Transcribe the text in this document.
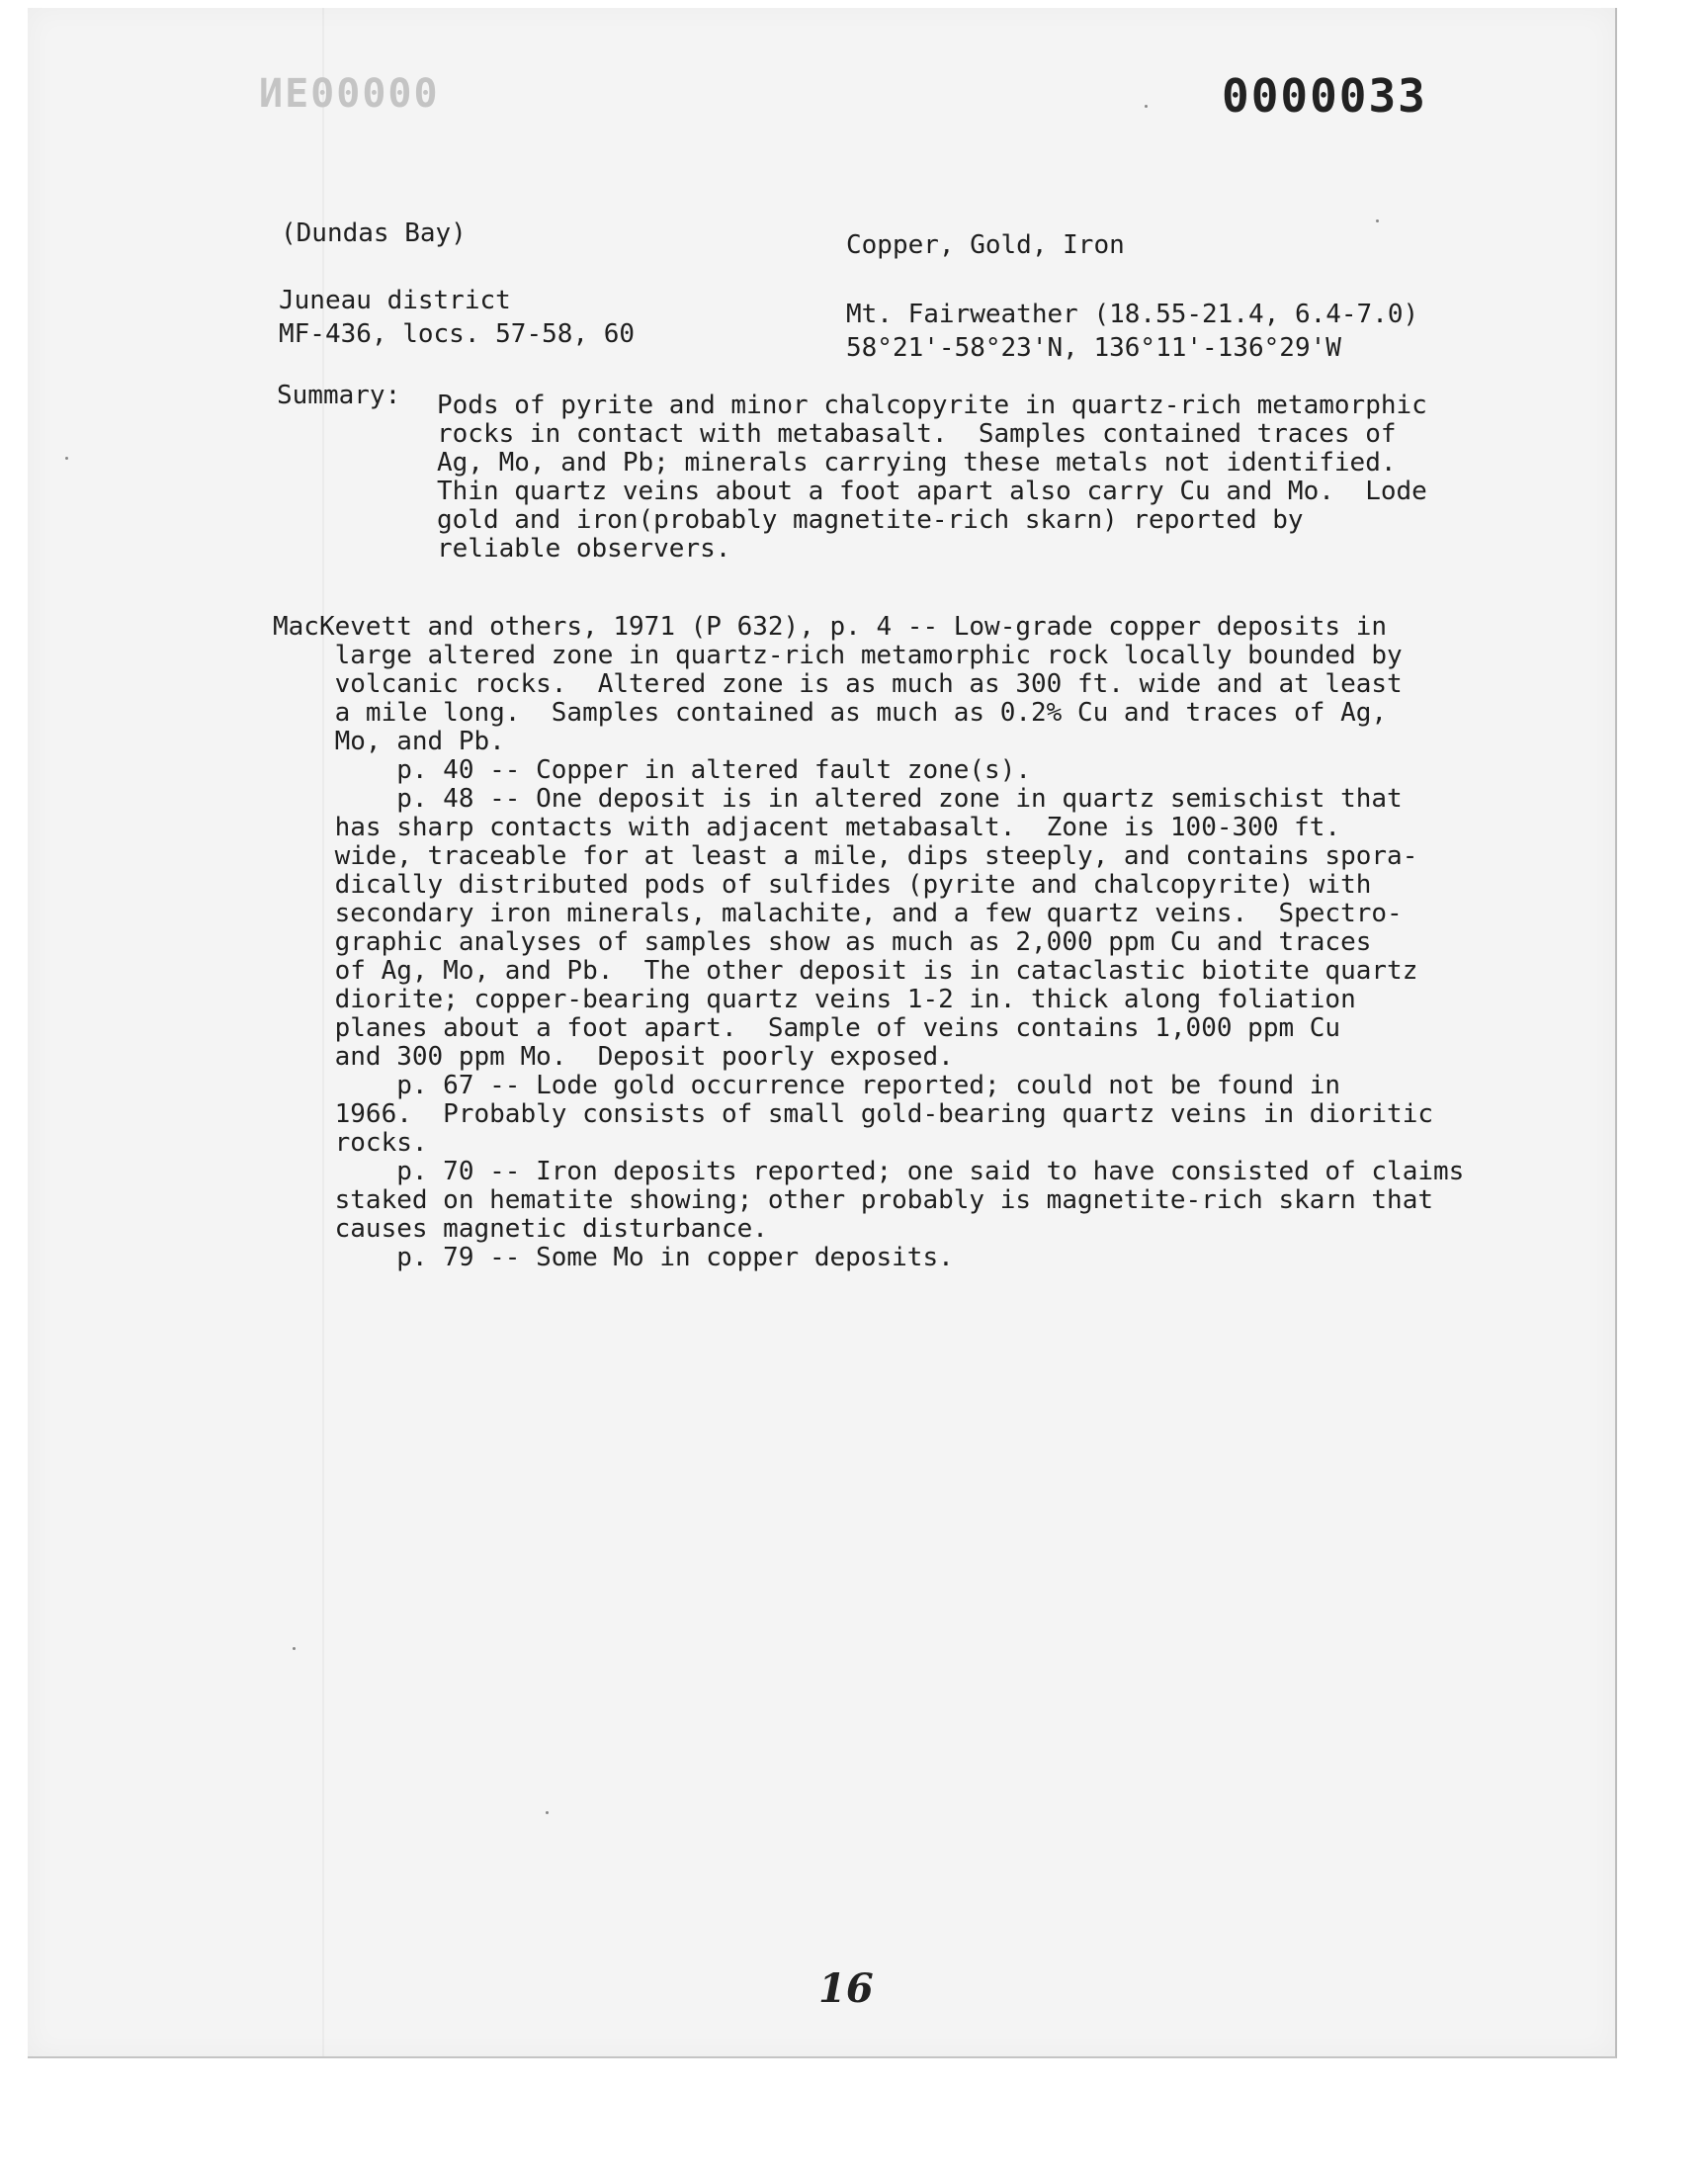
ИЕ00000	0000033
(Dundas Bay)	Copper, Gold, Iron
Juneau district	Mt. Fairweather (18.55-21.4, 6.4-7.0)
MF-436, locs. 57-58, 60	58°21'-58°23'N, 136°11'-136°29'W
Summary: Pods of pyrite and minor chalcopyrite in quartz-rich metamorphic
rocks in contact with metabasalt.  Samples contained traces of
Ag, Mo, and Pb; minerals carrying these metals not identified.
Thin quartz veins about a foot apart also carry Cu and Mo.  Lode
gold and iron(probably magnetite-rich skarn) reported by
reliable observers.
MacKevett and others, 1971 (P 632), p. 4 -- Low-grade copper deposits in
large altered zone in quartz-rich metamorphic rock locally bounded by
volcanic rocks.  Altered zone is as much as 300 ft. wide and at least
a mile long.  Samples contained as much as 0.2% Cu and traces of Ag,
Mo, and Pb.
p. 40 -- Copper in altered fault zone(s).
p. 48 -- One deposit is in altered zone in quartz semischist that
has sharp contacts with adjacent metabasalt.  Zone is 100-300 ft.
wide, traceable for at least a mile, dips steeply, and contains spora-
dically distributed pods of sulfides (pyrite and chalcopyrite) with
secondary iron minerals, malachite, and a few quartz veins.  Spectro-
graphic analyses of samples show as much as 2,000 ppm Cu and traces
of Ag, Mo, and Pb.  The other deposit is in cataclastic biotite quartz
diorite; copper-bearing quartz veins 1-2 in. thick along foliation
planes about a foot apart.  Sample of veins contains 1,000 ppm Cu
and 300 ppm Mo.  Deposit poorly exposed.
p. 67 -- Lode gold occurrence reported; could not be found in
1966.  Probably consists of small gold-bearing quartz veins in dioritic
rocks.
p. 70 -- Iron deposits reported; one said to have consisted of claims
staked on hematite showing; other probably is magnetite-rich skarn that
causes magnetic disturbance.
p. 79 -- Some Mo in copper deposits.
16
